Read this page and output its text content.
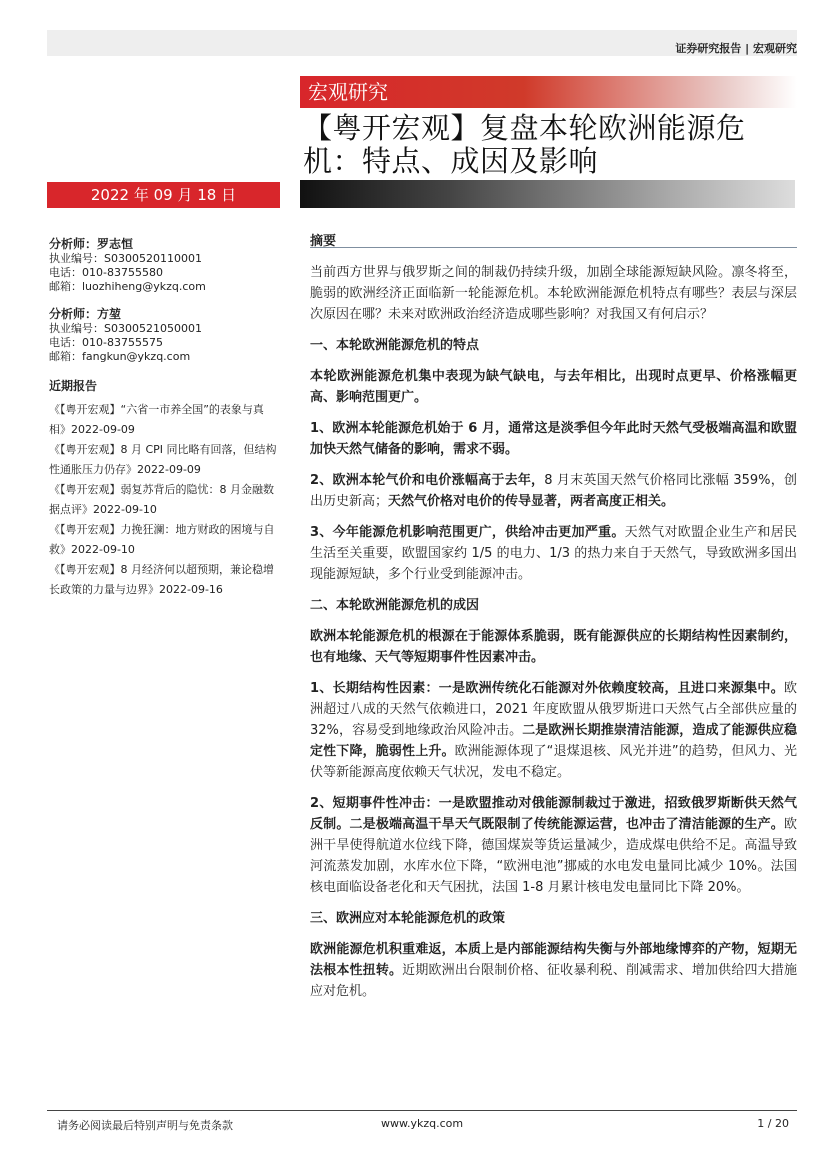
证券研究报告 | 宏观研究
宏观研究
【粤开宏观】复盘本轮欧洲能源危机：特点、成因及影响
2022 年 09 月 18 日
分析师：罗志恒
执业编号：S0300520110001
电话：010-83755580
邮箱：luozhiheng@ykzq.com
分析师：方堃
执业编号：S0300521050001
电话：010-83755575
邮箱：fangkun@ykzq.com
近期报告
《【粤开宏观】“六省一市养全国”的表象与真相》2022-09-09
《【粤开宏观】8 月 CPI 同比略有回落，但结构性通胀压力仍存》2022-09-09
《【粤开宏观】弱复苏背后的隐忧：8 月金融数据点评》2022-09-10
《【粤开宏观】力挽狂澜：地方财政的困境与自救》2022-09-10
《【粤开宏观】8 月经济何以超预期，兼论稳增长政策的力量与边界》2022-09-16
摘要

当前西方世界与俄罗斯之间的制裁仍持续升级，加剧全球能源短缺风险。凛冬将至，脆弱的欧洲经济正面临新一轮能源危机。本轮欧洲能源危机特点有哪些？表层与深层次原因在哪？未来对欧洲政治经济造成哪些影响？对我国又有何启示？

一、本轮欧洲能源危机的特点

本轮欧洲能源危机集中表现为缺气缺电，与去年相比，出现时点更早、价格涨幅更高、影响范围更广。

1、欧洲本轮能源危机始于 6 月，通常这是淡季但今年此时天然气受极端高温和欧盟加快天然气储备的影响，需求不弱。

2、欧洲本轮气价和电价涨幅高于去年，8 月末英国天然气价格同比涨幅 359%，创出历史新高；天然气价格对电价的传导显著，两者高度正相关。

3、今年能源危机影响范围更广，供给冲击更加严重。天然气对欧盟企业生产和居民生活至关重要，欧盟国家约 1/5 的电力、1/3 的热力来自于天然气，导致欧洲多国出现能源短缺，多个行业受到能源冲击。

二、本轮欧洲能源危机的成因

欧洲本轮能源危机的根源在于能源体系脆弱，既有能源供应的长期结构性因素制约，也有地缘、天气等短期事件性因素冲击。

1、长期结构性因素：一是欧洲传统化石能源对外依赖度较高，且进口来源集中。欧洲超过八成的天然气依赖进口，2021 年度欧盟从俄罗斯进口天然气占全部供应量的 32%，容易受到地缘政治风险冲击。二是欧洲长期推崇清洁能源，造成了能源供应稳定性下降，脆弱性上升。欧洲能源体现了“退煤退核、风光并进”的趋势，但风力、光伏等新能源高度依赖天气状况，发电不稳定。

2、短期事件性冲击：一是欧盟推动对俄能源制裁过于激进，招致俄罗斯断供天然气反制。二是极端高温干旱天气既限制了传统能源运营，也冲击了清洁能源的生产。欧洲干旱使得航道水位线下降，德国煤炭等货运量减少，造成煤电供给不足。高温导致河流蒸发加剧，水库水位下降，“欧洲电池”挪威的水电发电量同比减少 10%。法国核电面临设备老化和天气困扰，法国 1-8 月累计核电发电量同比下降 20%。

三、欧洲应对本轮能源危机的政策

欧洲能源危机积重难返，本质上是内部能源结构失衡与外部地缘博弈的产物，短期无法根本性扭转。近期欧洲出台限制价格、征收暴利税、削减需求、增加供给四大措施应对危机。

请务必阅读最后特别声明与免责条款	www.ykzq.com	1 / 20
